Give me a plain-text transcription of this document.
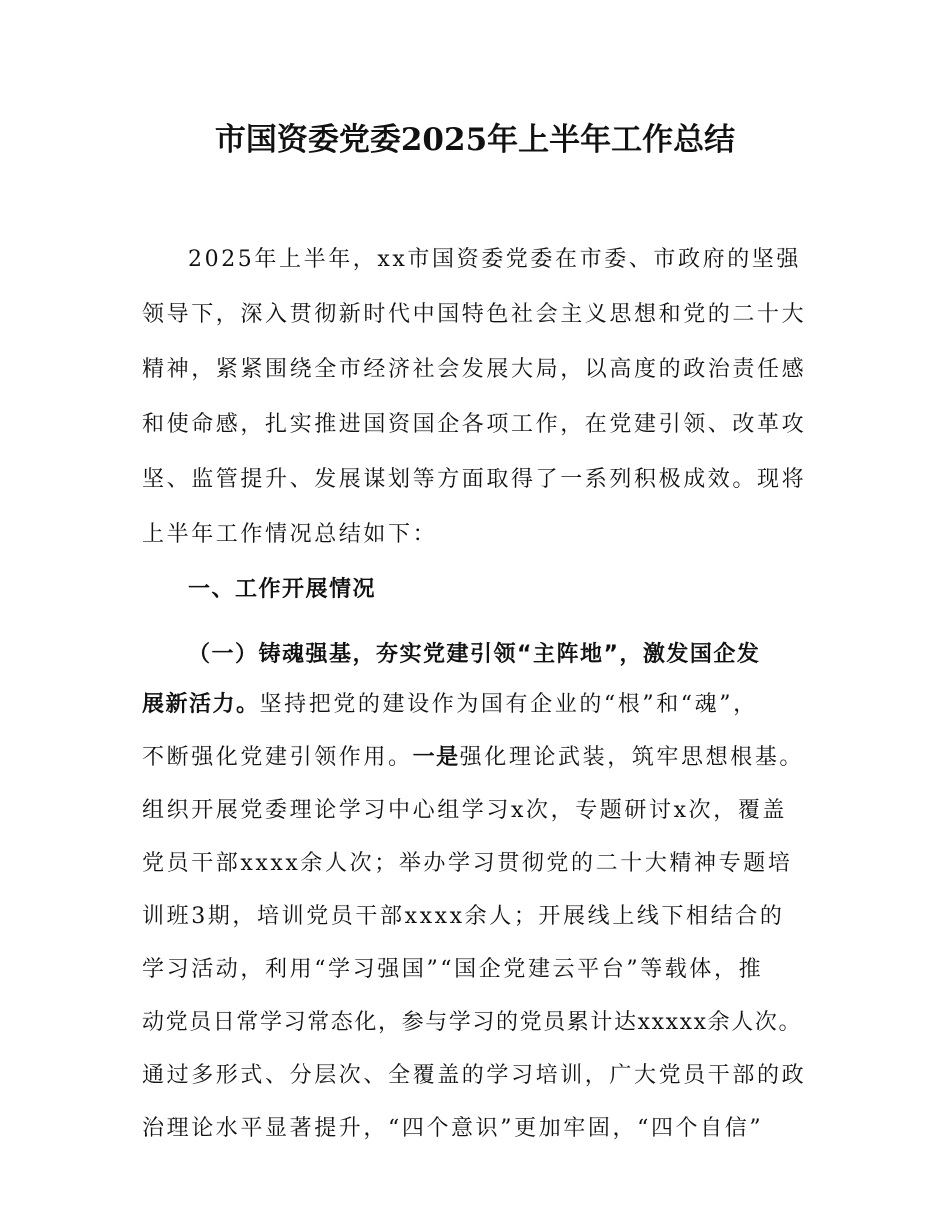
市国资委党委2025年上半年工作总结
2025年上半年，xx市国资委党委在市委、市政府的坚强
领导下，深入贯彻新时代中国特色社会主义思想和党的二十大
精神，紧紧围绕全市经济社会发展大局，以高度的政治责任感
和使命感，扎实推进国资国企各项工作，在党建引领、改革攻
坚、监管提升、发展谋划等方面取得了一系列积极成效。现将
上半年工作情况总结如下：
一、工作开展情况
（一）铸魂强基，夯实党建引领“主阵地”，激发国企发
展新活力。坚持把党的建设作为国有企业的“根”和“魂”，
不断强化党建引领作用。一是强化理论武装，筑牢思想根基。
组织开展党委理论学习中心组学习x次，专题研讨x次，覆盖
党员干部xxxx余人次；举办学习贯彻党的二十大精神专题培
训班3期，培训党员干部xxxx余人；开展线上线下相结合的
学习活动，利用“学习强国”“国企党建云平台”等载体，推
动党员日常学习常态化，参与学习的党员累计达xxxxx余人次。
通过多形式、分层次、全覆盖的学习培训，广大党员干部的政
治理论水平显著提升，“四个意识”更加牢固，“四个自信”
